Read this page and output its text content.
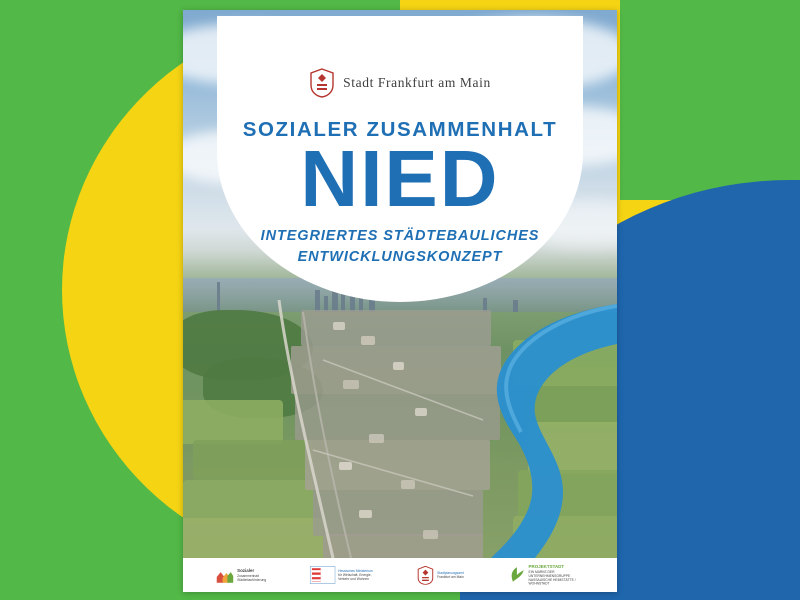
Stadt Frankfurt am Main
SOZIALER ZUSAMMENHALT
NIED
INTEGRIERTES STÄDTEBAULICHES
ENTWICKLUNGSKONZEPT
Sozialer
Zusammenhalt
Städtebauförderung
Hessisches Ministerium
für Wirtschaft, Energie,
Verkehr und Wohnen
Stadtplanungsamt
Frankfurt am Main
PROJEKTSTADT
EIN MARKE DER UNTERNEHMENSGRUPPE
NASSAUISCHE HEIMSTÄTTE / WOHNSTADT
